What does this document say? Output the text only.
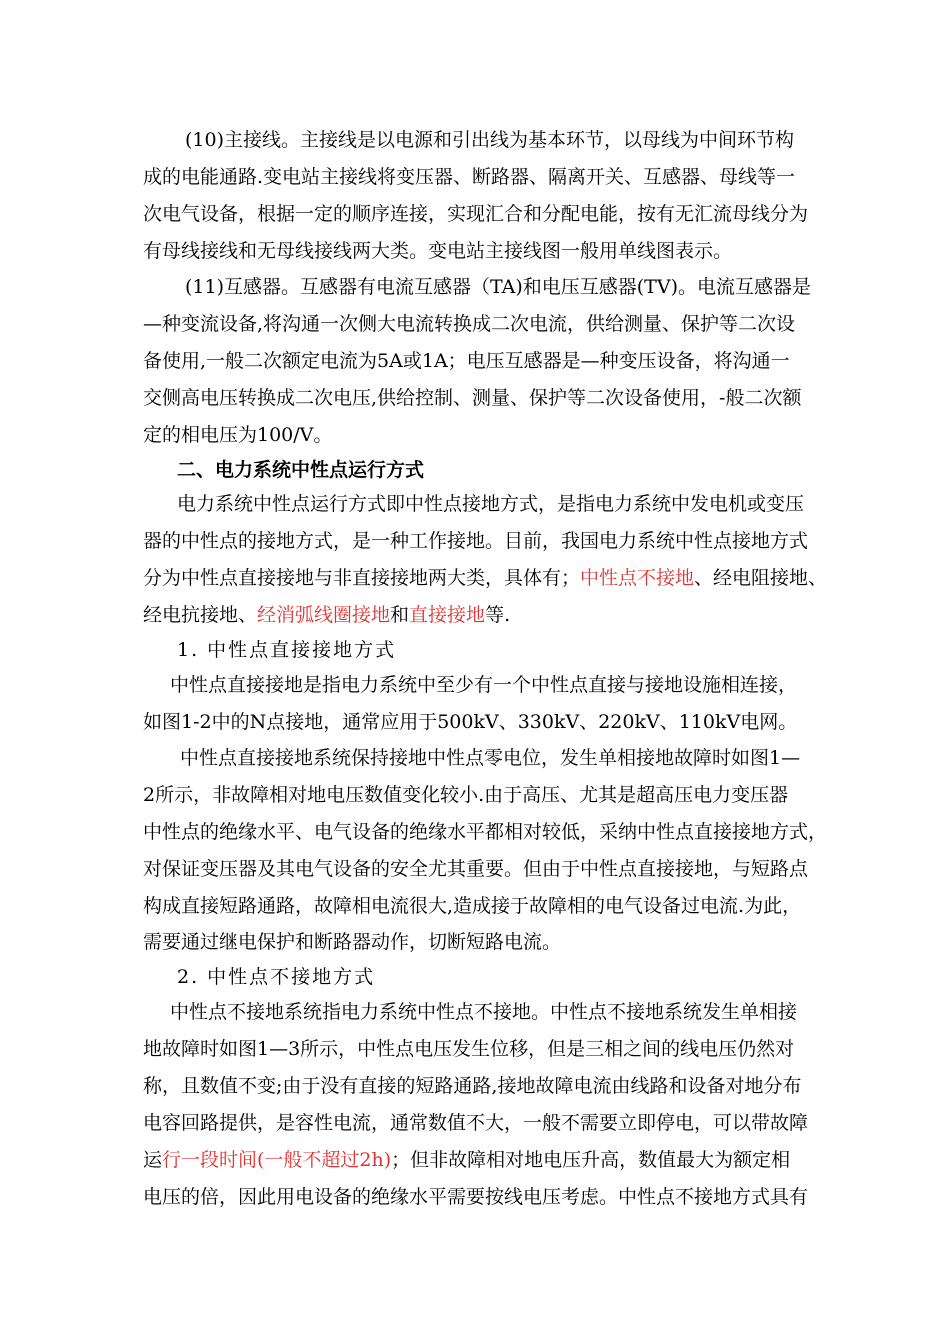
(10)主接线。主接线是以电源和引出线为基本环节，以母线为中间环节构
成的电能通路.变电站主接线将变压器、断路器、隔离开关、互感器、母线等一
次电气设备，根据一定的顺序连接，实现汇合和分配电能，按有无汇流母线分为
有母线接线和无母线接线两大类。变电站主接线图一般用单线图表示。
(11)互感器。互感器有电流互感器（TA)和电压互感器(TV)。电流互感器是
—种变流设备,将沟通一次侧大电流转换成二次电流，供给测量、保护等二次设
备使用,一般二次额定电流为5A或1A；电压互感器是—种变压设备，将沟通一
交侧高电压转换成二次电压,供给控制、测量、保护等二次设备使用，-般二次额
定的相电压为100/V。
二、电力系统中性点运行方式
电力系统中性点运行方式即中性点接地方式，是指电力系统中发电机或变压
器的中性点的接地方式，是一种工作接地。目前，我国电力系统中性点接地方式
分为中性点直接接地与非直接接地两大类，具体有；中性点不接地、经电阻接地、
经电抗接地、经消弧线圈接地和直接接地等.
1. 中性点直接接地方式
中性点直接接地是指电力系统中至少有一个中性点直接与接地设施相连接，
如图1-2中的N点接地，通常应用于500kV、330kV、220kV、110kV电网。
中性点直接接地系统保持接地中性点零电位，发生单相接地故障时如图1—
2所示，非故障相对地电压数值变化较小.由于高压、尤其是超高压电力变压器
中性点的绝缘水平、电气设备的绝缘水平都相对较低，采纳中性点直接接地方式，
对保证变压器及其电气设备的安全尤其重要。但由于中性点直接接地，与短路点
构成直接短路通路，故障相电流很大,造成接于故障相的电气设备过电流.为此，
需要通过继电保护和断路器动作，切断短路电流。
2. 中性点不接地方式
中性点不接地系统指电力系统中性点不接地。中性点不接地系统发生单相接
地故障时如图1—3所示，中性点电压发生位移，但是三相之间的线电压仍然对
称，且数值不变;由于没有直接的短路通路,接地故障电流由线路和设备对地分布
电容回路提供，是容性电流，通常数值不大，一般不需要立即停电，可以带故障
运行一段时间(一般不超过2h)；但非故障相对地电压升高，数值最大为额定相
电压的倍，因此用电设备的绝缘水平需要按线电压考虑。中性点不接地方式具有
